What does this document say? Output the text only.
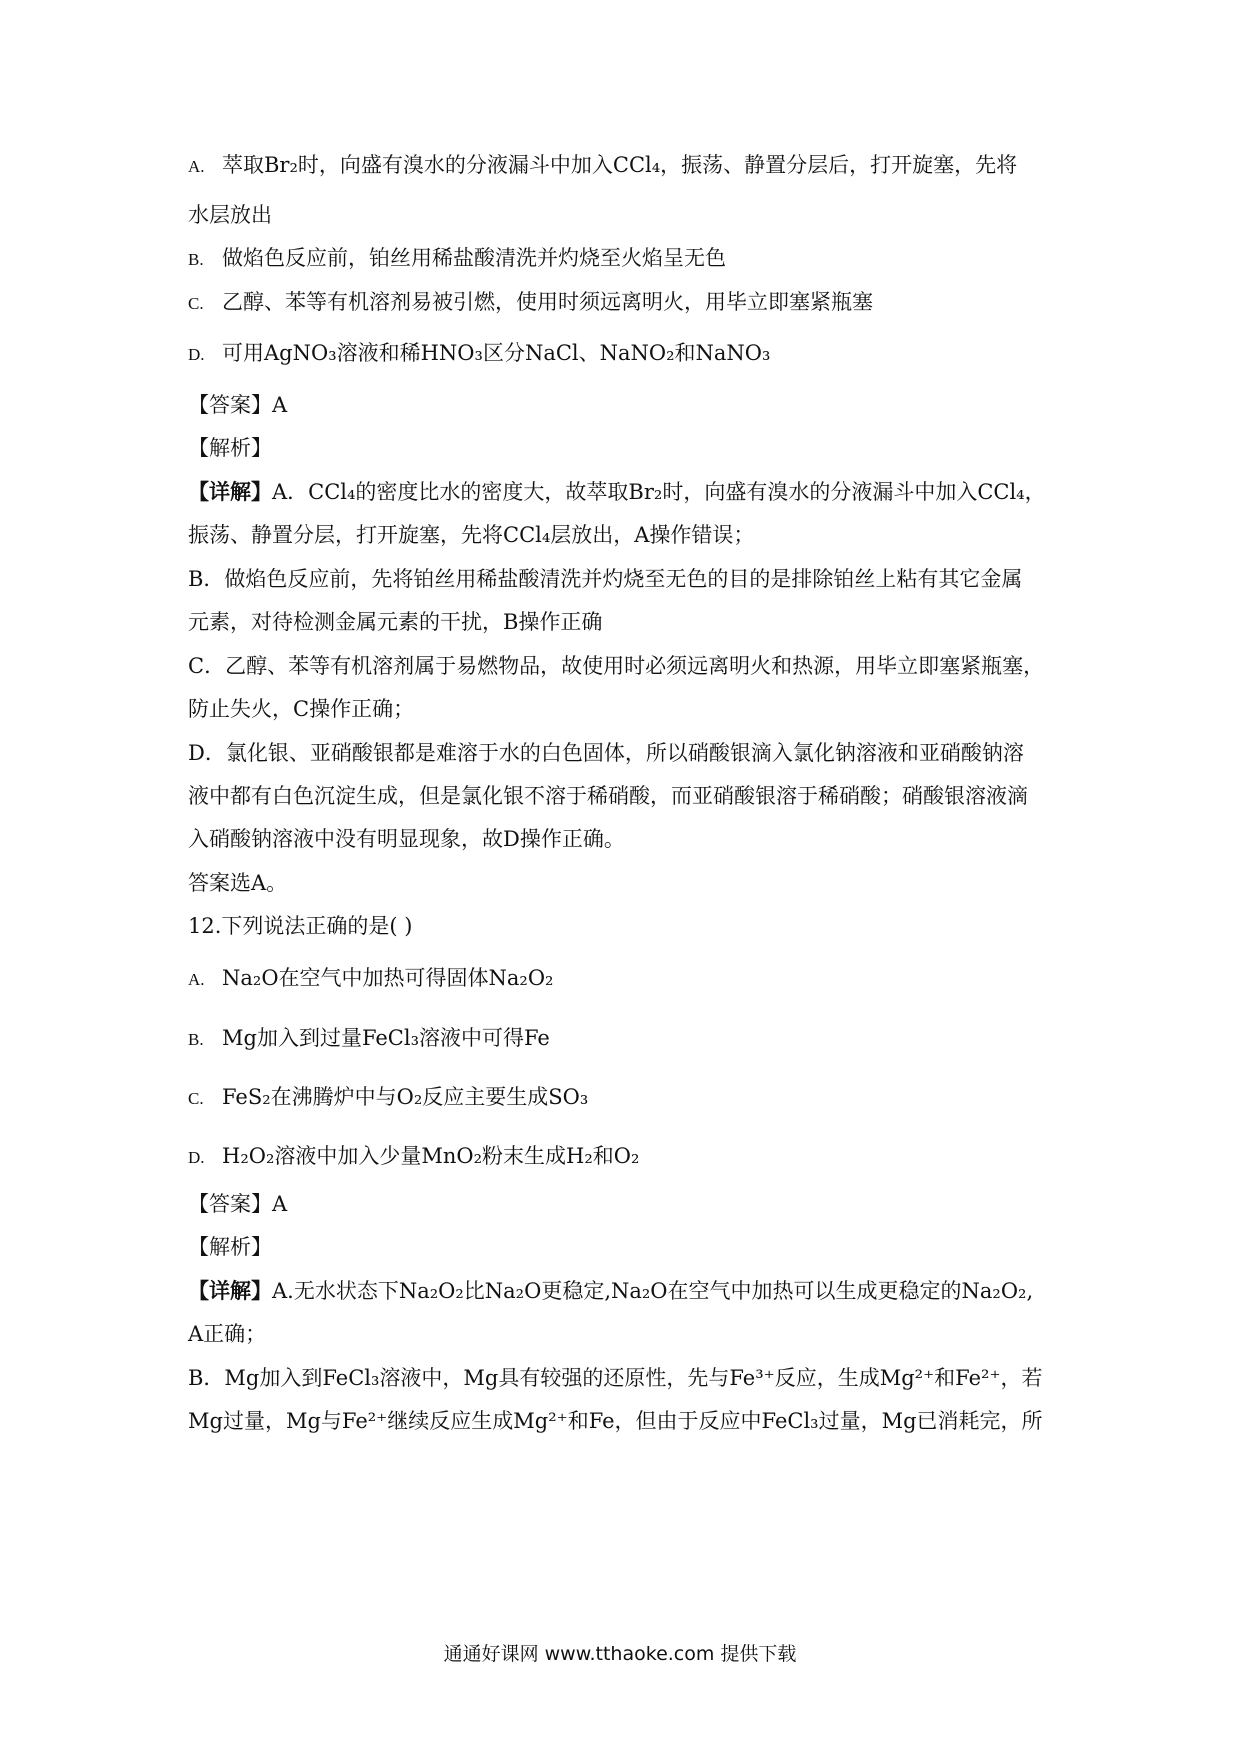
A. 萃取Br₂时，向盛有溴水的分液漏斗中加入CCl₄，振荡、静置分层后，打开旋塞，先将
水层放出
B. 做焰色反应前，铂丝用稀盐酸清洗并灼烧至火焰呈无色
C. 乙醇、苯等有机溶剂易被引燃，使用时须远离明火，用毕立即塞紧瓶塞
D. 可用AgNO₃溶液和稀HNO₃区分NaCl、NaNO₂和NaNO₃
【答案】A
【解析】
【详解】A．CCl₄的密度比水的密度大，故萃取Br₂时，向盛有溴水的分液漏斗中加入CCl₄，
振荡、静置分层，打开旋塞，先将CCl₄层放出，A操作错误；
B．做焰色反应前，先将铂丝用稀盐酸清洗并灼烧至无色的目的是排除铂丝上粘有其它金属
元素，对待检测金属元素的干扰，B操作正确
C．乙醇、苯等有机溶剂属于易燃物品，故使用时必须远离明火和热源，用毕立即塞紧瓶塞，
防止失火，C操作正确；
D．氯化银、亚硝酸银都是难溶于水的白色固体，所以硝酸银滴入氯化钠溶液和亚硝酸钠溶
液中都有白色沉淀生成，但是氯化银不溶于稀硝酸，而亚硝酸银溶于稀硝酸；硝酸银溶液滴
入硝酸钠溶液中没有明显现象，故D操作正确。
答案选A。
12.下列说法正确的是( )
A. Na₂O在空气中加热可得固体Na₂O₂
B. Mg加入到过量FeCl₃溶液中可得Fe
C. FeS₂在沸腾炉中与O₂反应主要生成SO₃
D. H₂O₂溶液中加入少量MnO₂粉末生成H₂和O₂
【答案】A
【解析】
【详解】A.无水状态下Na₂O₂比Na₂O更稳定,Na₂O在空气中加热可以生成更稳定的Na₂O₂,
A正确；
B．Mg加入到FeCl₃溶液中，Mg具有较强的还原性，先与Fe³⁺反应，生成Mg²⁺和Fe²⁺，若
Mg过量，Mg与Fe²⁺继续反应生成Mg²⁺和Fe，但由于反应中FeCl₃过量，Mg已消耗完，所
通通好课网 www.tthaoke.com 提供下载
